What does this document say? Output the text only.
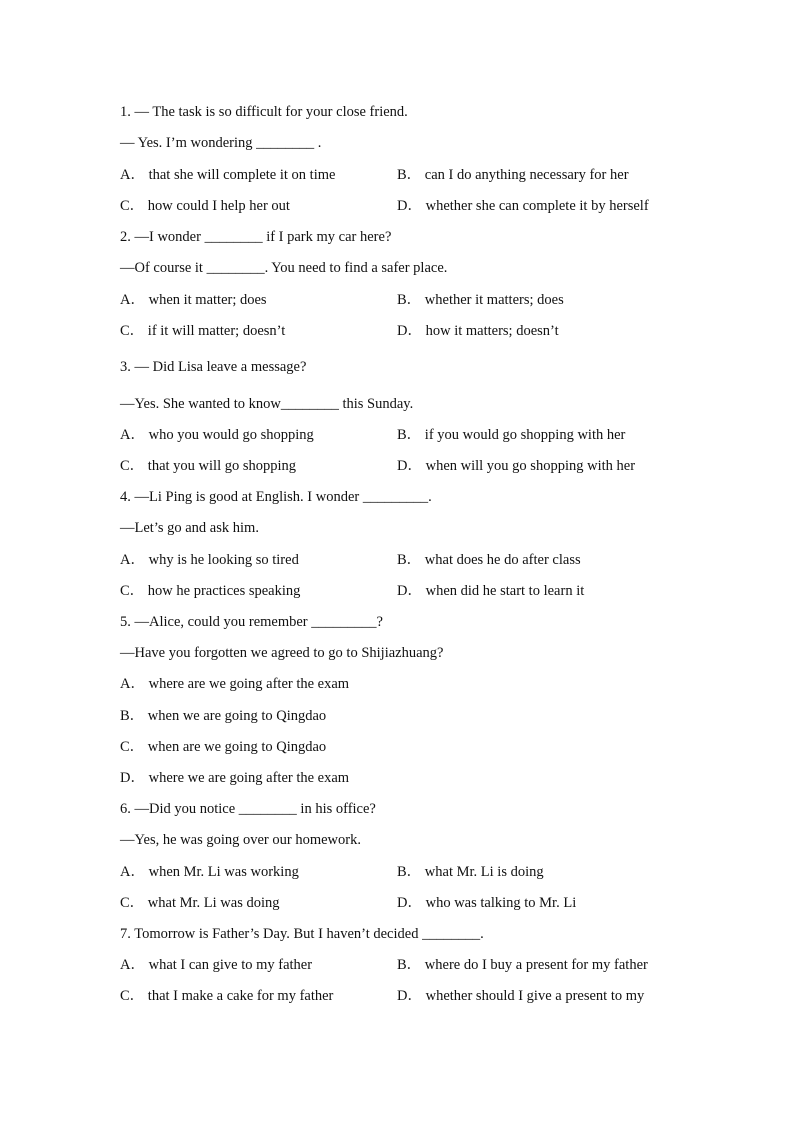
1. — The task is so difficult for your close friend.
— Yes. I’m wondering ________ .
A． that she will complete it on time	B． can I do anything necessary for her
C． how could I help her out	D． whether she can complete it by herself
2. —I wonder ________ if I park my car here?
—Of course it ________. You need to find a safer place.
A． when it matter; does	B． whether it matters; does
C． if it will matter; doesn’t	D． how it matters; doesn’t
3. — Did Lisa leave a message?
—Yes. She wanted to know________ this Sunday.
A． who you would go shopping	B． if you would go shopping with her
C． that you will go shopping	D． when will you go shopping with her
4. —Li Ping is good at English. I wonder _________.
—Let’s go and ask him.
A． why is he looking so tired	B． what does he do after class
C． how he practices speaking	D． when did he start to learn it
5. —Alice, could you remember _________?
—Have you forgotten we agreed to go to Shijiazhuang?
A． where are we going after the exam
B． when we are going to Qingdao
C． when are we going to Qingdao
D． where we are going after the exam
6. —Did you notice ________ in his office?
—Yes, he was going over our homework.
A． when Mr. Li was working	B． what Mr. Li is doing
C． what Mr. Li was doing	D． who was talking to Mr. Li
7. Tomorrow is Father’s Day. But I haven’t decided ________.
A． what I can give to my father	B． where do I buy a present for my father
C． that I make a cake for my father	D． whether should I give a present to my
